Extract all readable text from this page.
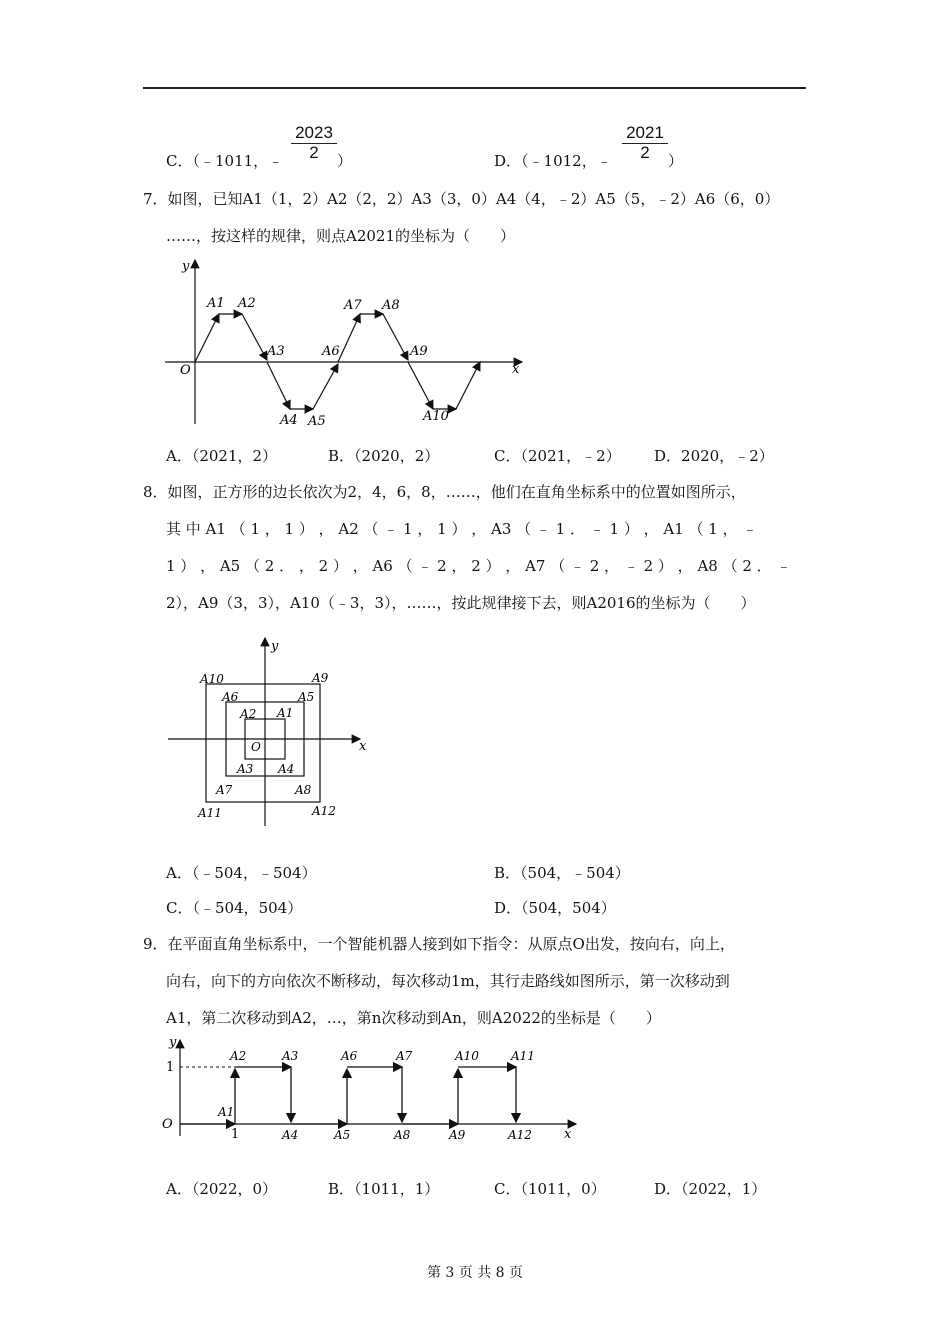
C．（﹣1011，﹣ $\frac{2023}{2}$ ）	D．（﹣1012，﹣ $\frac{2021}{2}$ ）
7．如图，已知A1（1，2）A2（2，2）A3（3，0）A4（4，﹣2）A5（5，﹣2）A6（6，0）
……，按这样的规律，则点A2021的坐标为（　　）
y
x
O
A1 A2
A3
A4 A5
A6
A7 A8
A9
A10
A．（2021，2）	B．（2020，2）	C．（2021，﹣2） D．2020，﹣2）
8．如图，正方形的边长依次为2，4，6，8，……，他们在直角坐标系中的位置如图所示，
其 中 A1 （ 1 ， 1 ） ， A2 （ ﹣ 1 ， 1 ） ， A3 （ ﹣ 1 ． ﹣ 1 ） ， A1 （ 1 ， ﹣
1 ） ， A5 （ 2 ． ， 2 ） ， A6 （ ﹣ 2 ， 2 ） ， A7 （ ﹣ 2 ， ﹣ 2 ） ， A8 （ 2 ． ﹣
2），A9（3，3），A10（﹣3，3），……，按此规律接下去，则A2016的坐标为（　　）
y
x
O
A10	A9
A6	A5
A2 A1
A3 A4
A7	A8
A11	A12
A．（﹣504，﹣504）	B．（504，﹣504）
C．（﹣504，504）	D．（504，504）
9．在平面直角坐标系中，一个智能机器人接到如下指令：从原点O出发，按向右，向上，
向右，向下的方向依次不断移动，每次移动1m，其行走路线如图所示，第一次移动到
A1，第二次移动到A2，…，第n次移动到An，则A2022的坐标是（　　）
y
x
O
1
1
A1
A2	A3
A4	A5
A6	A7
A8	A9
A10	A11
A12
A．（2022，0）	B．（1011，1）	C．（1011，0）	D．（2022，1）
第 3 页 共 8 页
